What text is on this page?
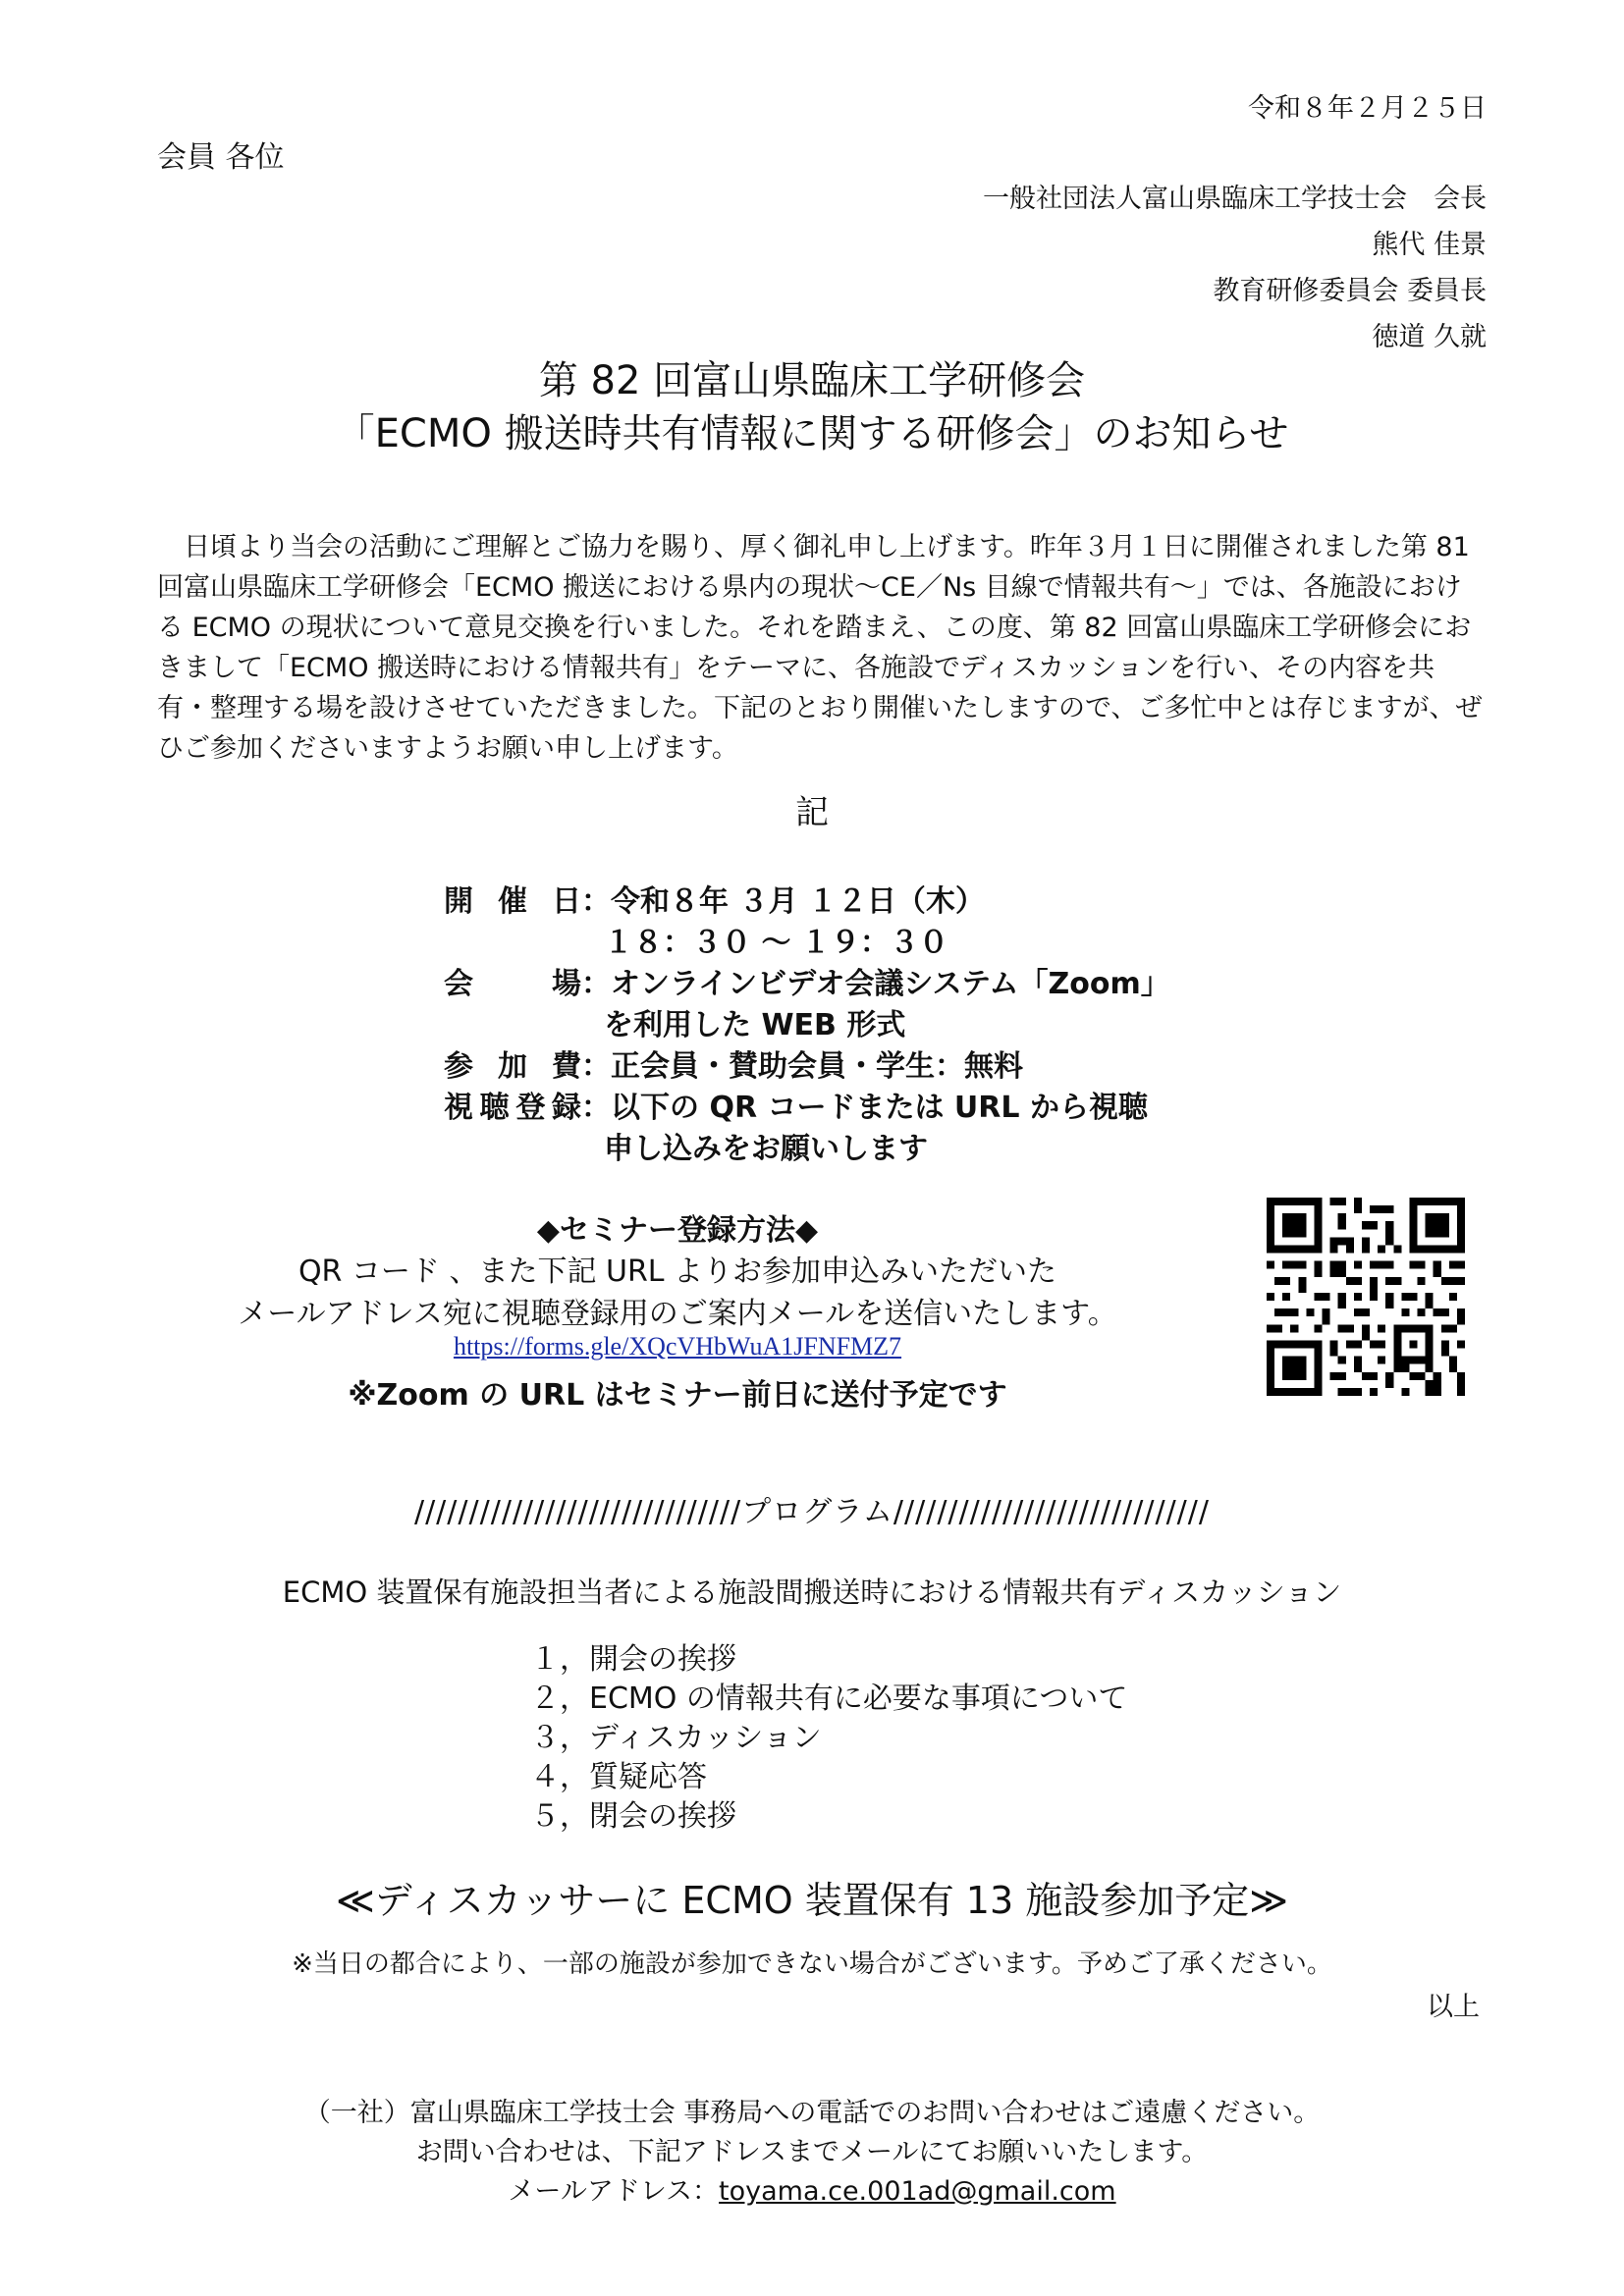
令和８年２月２５日
会員 各位
一般社団法人富山県臨床工学技士会　会長
熊代 佳景
教育研修委員会 委員長
徳道 久就
第 82 回富山県臨床工学研修会
「ECMO 搬送時共有情報に関する研修会」のお知らせ
日頃より当会の活動にご理解とご協力を賜り、厚く御礼申し上げます。昨年３月１日に開催されました第 81 回富山県臨床工学研修会「ECMO 搬送における県内の現状～CE／Ns 目線で情報共有～」では、各施設における ECMO の現状について意見交換を行いました。それを踏まえ、この度、第 82 回富山県臨床工学研修会におきまして「ECMO 搬送時における情報共有」をテーマに、各施設でディスカッションを行い、その内容を共有・整理する場を設けさせていただきました。下記のとおり開催いたしますので、ご多忙中とは存じますが、ぜひご参加くださいますようお願い申し上げます。
記
開催日：令和８年 ３月 １２日（木）
１８：３０ ～ １９：３０
会場：オンラインビデオ会議システム「Zoom」
を利用した WEB 形式
参加費：正会員・賛助会員・学生：無料
視聴登録：以下の QR コードまたは URL から視聴
申し込みをお願いします
◆セミナー登録方法◆
QR コード 、また下記 URL よりお参加申込みいただいた
メールアドレス宛に視聴登録用のご案内メールを送信いたします。
https://forms.gle/XQcVHbWuA1JFNFMZ7
※Zoom の URL はセミナー前日に送付予定です
//////////////////////////////プログラム/////////////////////////////
ECMO 装置保有施設担当者による施設間搬送時における情報共有ディスカッション
１，開会の挨拶
２，ECMO の情報共有に必要な事項について
３，ディスカッション
４，質疑応答
５，閉会の挨拶
≪ディスカッサーに ECMO 装置保有 13 施設参加予定≫
※当日の都合により、一部の施設が参加できない場合がございます。予めご了承ください。
以上
（一社）富山県臨床工学技士会 事務局への電話でのお問い合わせはご遠慮ください。
お問い合わせは、下記アドレスまでメールにてお願いいたします。
メールアドレス：toyama.ce.001ad@gmail.com
